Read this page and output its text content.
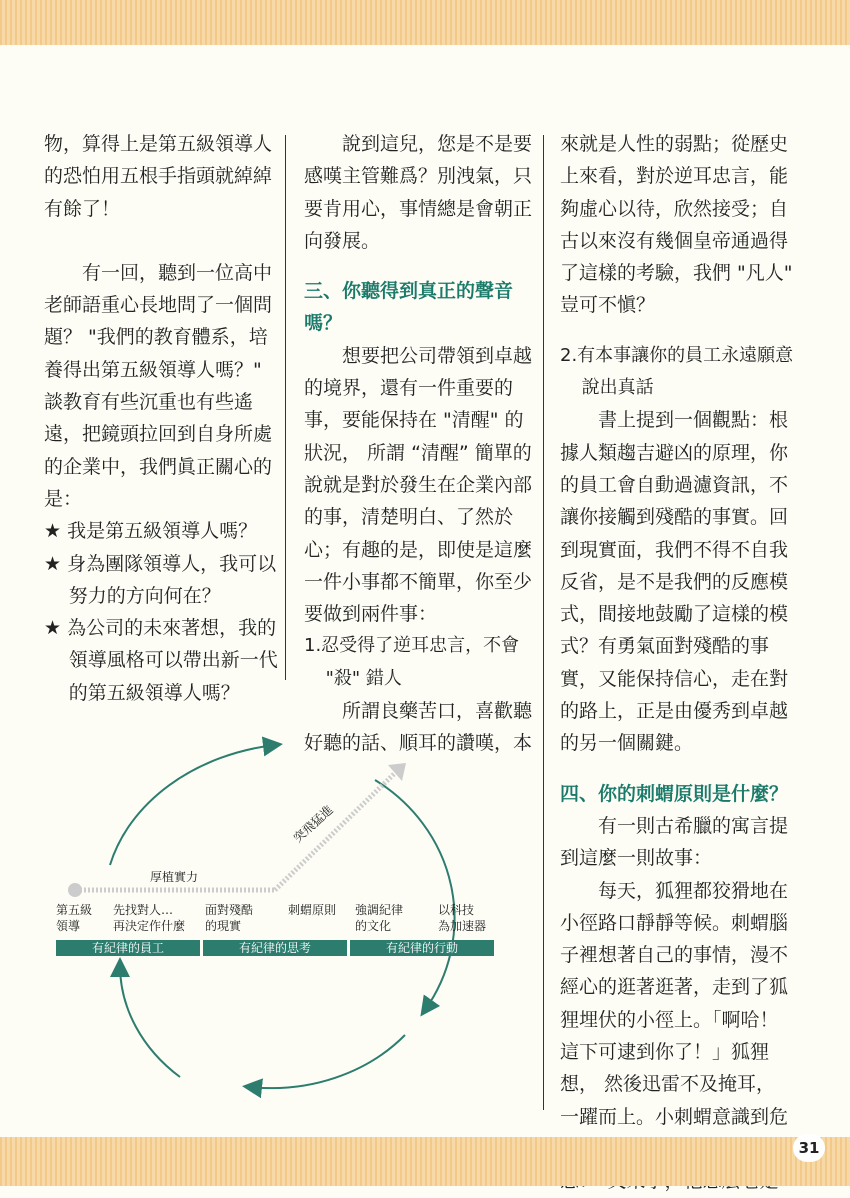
物，算得上是第五級領導人的恐怕用五根手指頭就綽綽有餘了！

有一回，聽到一位高中老師語重心長地問了一個問題？ "我們的教育體系，培養得出第五級領導人嗎？" 談教育有些沉重也有些遙遠，把鏡頭拉回到自身所處的企業中，我們眞正關心的是：

★ 我是第五級領導人嗎？

★ 身為團隊領導人，我可以努力的方向何在？

★ 為公司的未來著想，我的領導風格可以帶出新一代的第五級領導人嗎？

說到這兒，您是不是要感嘆主管難爲？別洩氣，只要肯用心，事情總是會朝正向發展。

三、你聽得到真正的聲音嗎？

想要把公司帶領到卓越的境界，還有一件重要的事，要能保持在 "清醒" 的狀況， 所謂 “清醒” 簡單的說就是對於發生在企業內部的事，清楚明白、了然於心；有趣的是，即使是這麼一件小事都不簡單，你至少要做到兩件事：

1.忍受得了逆耳忠言，不會 "殺" 錯人

所謂良藥苦口，喜歡聽好聽的話、順耳的讚嘆，本

來就是人性的弱點；從歷史上來看，對於逆耳忠言，能夠虛心以待，欣然接受；自古以來沒有幾個皇帝通過得了這樣的考驗，我們 "凡人" 豈可不愼？

2.有本事讓你的員工永遠願意說出真話

書上提到一個觀點：根據人類趨吉避凶的原理，你的員工會自動過濾資訊，不讓你接觸到殘酷的事實。回到現實面，我們不得不自我反省，是不是我們的反應模式，間接地鼓勵了這樣的模式？有勇氣面對殘酷的事實，又能保持信心，走在對的路上，正是由優秀到卓越的另一個關鍵。

四、你的刺蝟原則是什麼？

有一則古希臘的寓言提到這麼一則故事：

每天，狐狸都狡猾地在小徑路口靜靜等候。刺蝟腦子裡想著自己的事情，漫不經心的逛著逛著，走到了狐狸埋伏的小徑上。「啊哈！這下可逮到你了！」狐狸想， 然後迅雷不及掩耳，一躍而上。小刺蝟意識到危

厚植實力
突飛猛進
第五級
領導
先找對人…
再決定作什麼
面對殘酷
的現實
刺蝟原則 強調紀律
的文化
以科技
為加速器
有紀律的員工	有紀律的思考	有紀律的行動
31
